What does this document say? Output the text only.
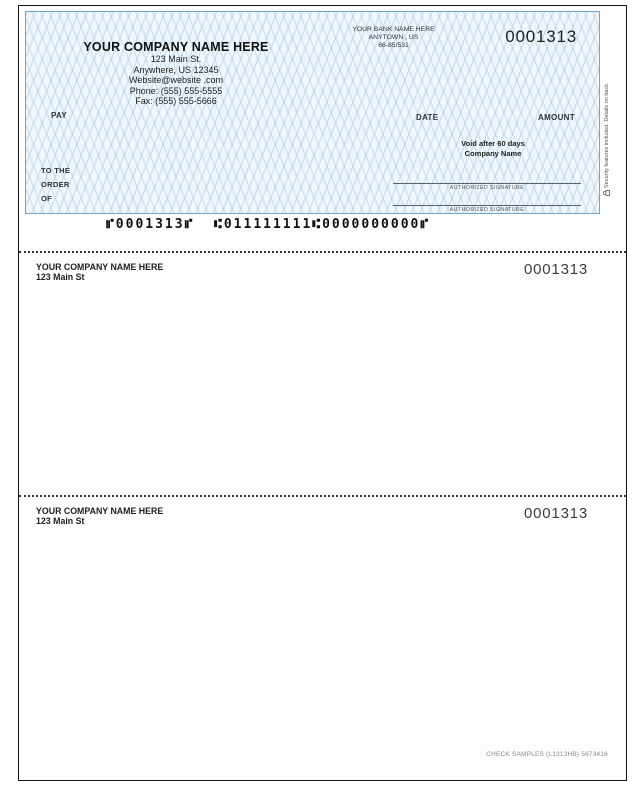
YOUR COMPANY NAME HERE
123 Main St.
Anywhere, US 12345
Website@website .com
Phone: (555) 555-5555
Fax: (555) 555-5666
YOUR BANK NAME HERE
ANYTOWN , US
66-85/531	0001313
PAY	DATE	AMOUNT
Void after 60 days
Company Name
TO THE
ORDER
OF
AUTHORIZED SIGNATURE
AUTHORIZED SIGNATURE
⑈0001313⑈  ⑆011111111⑆0000000000⑈
Security features included. Details on back.
YOUR COMPANY NAME HERE
123 Main St	0001313
YOUR COMPANY NAME HERE
123 Main St	0001313
CHECK SAMPLES (L1313HB) 5673416
